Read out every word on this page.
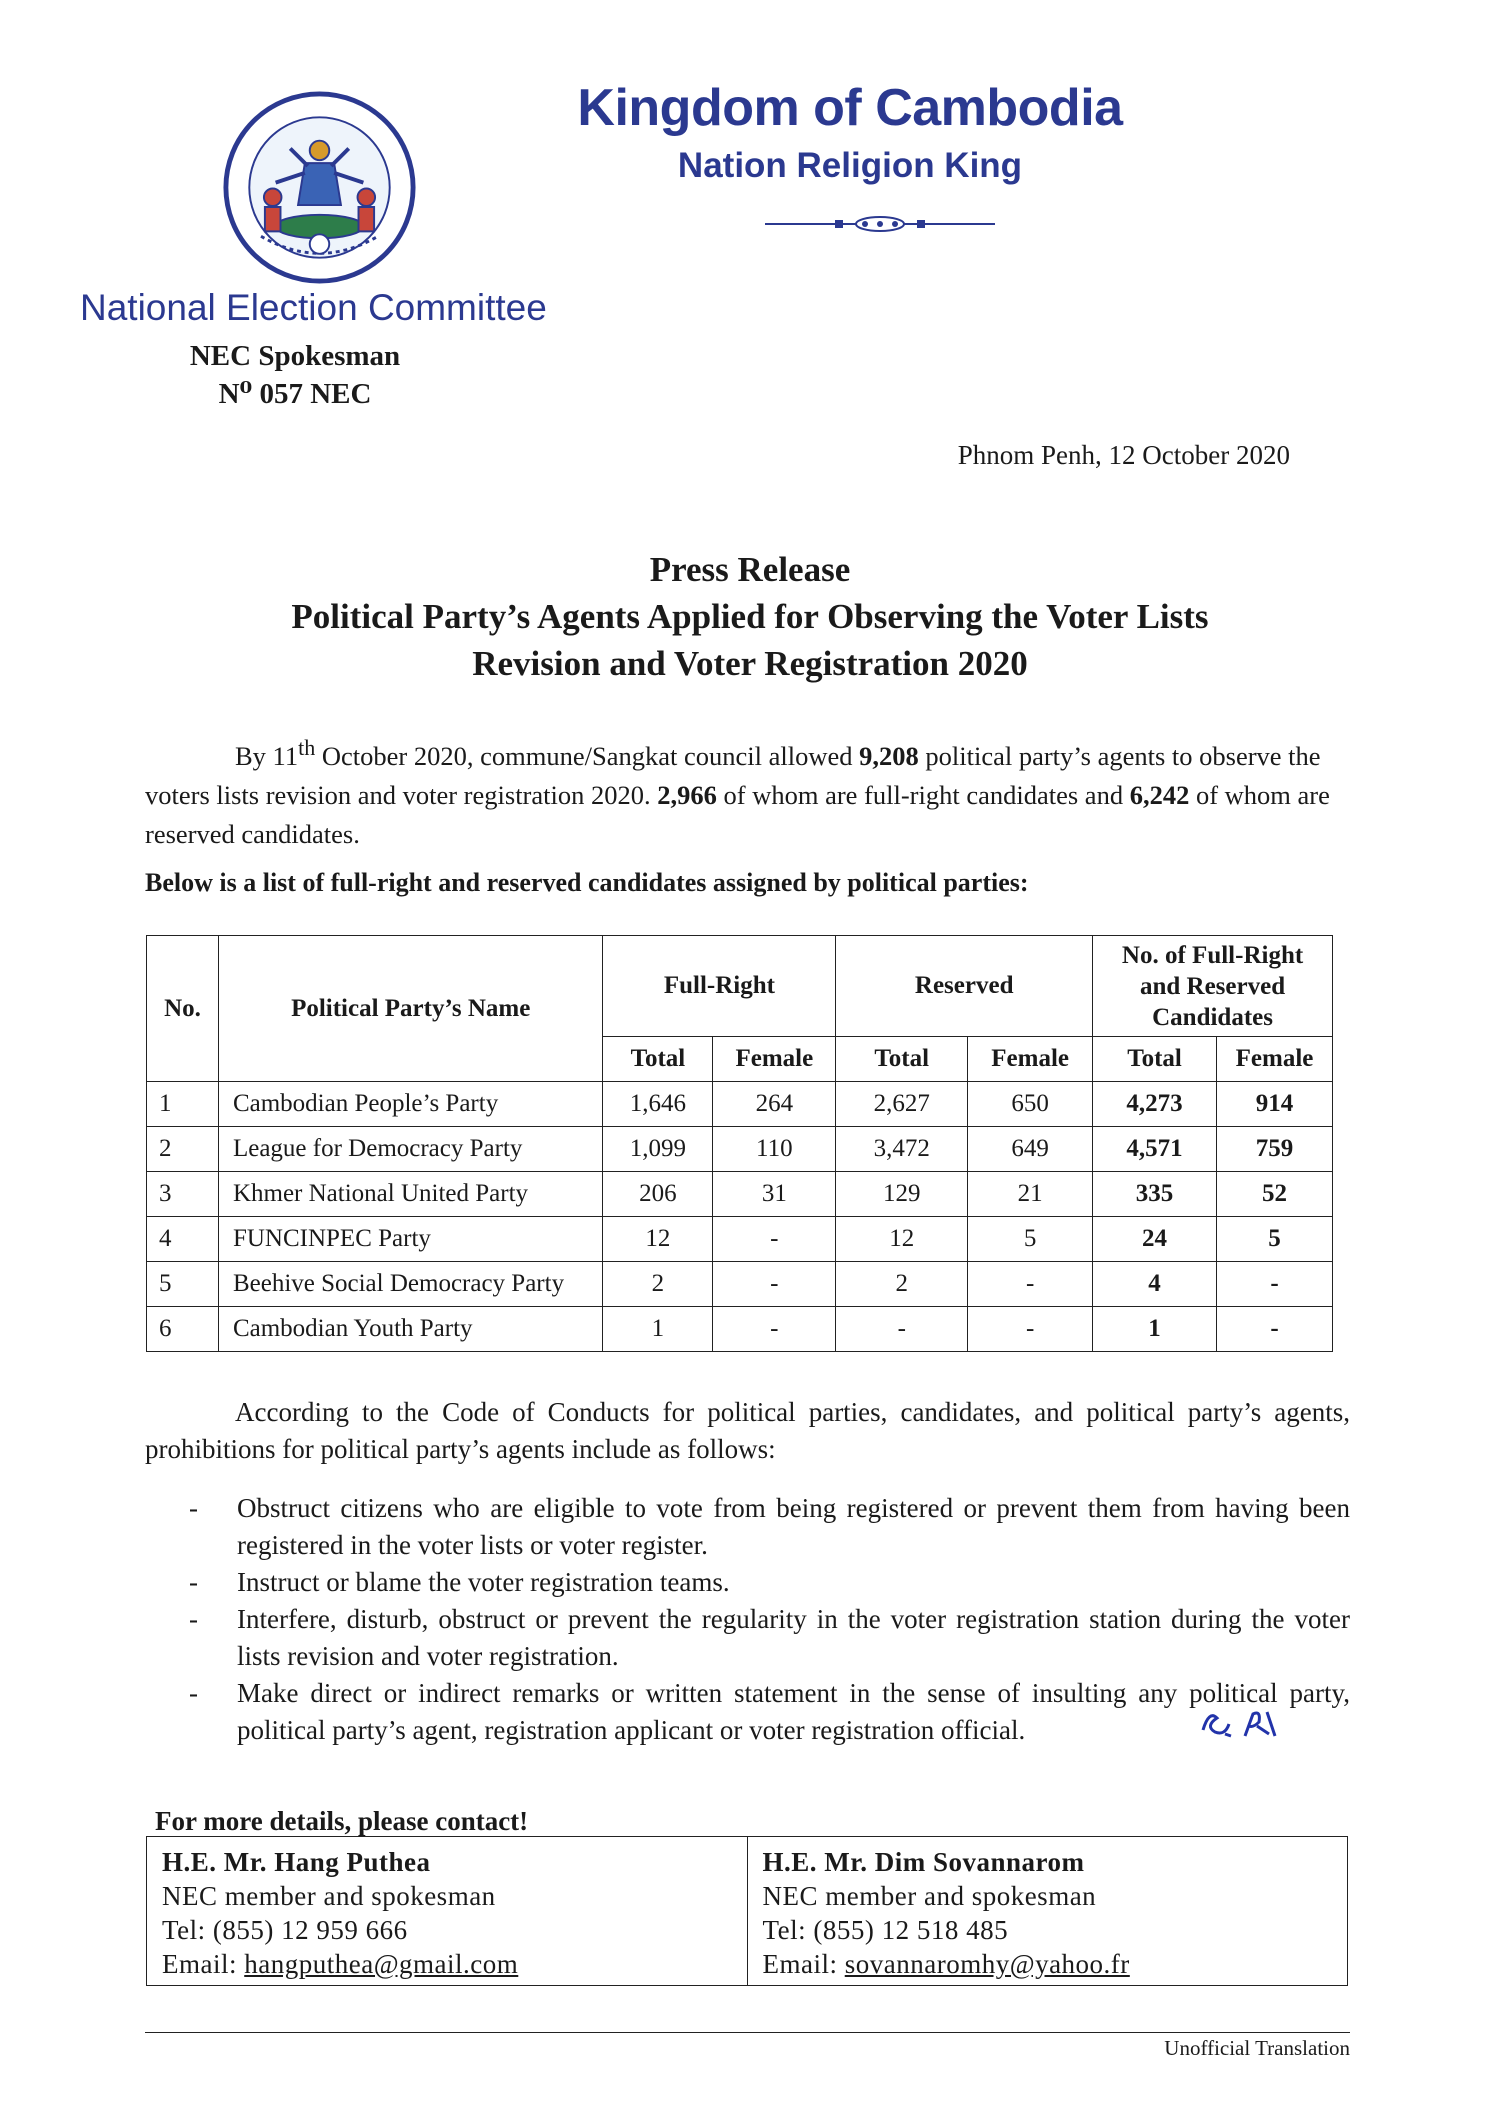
Kingdom of Cambodia
Nation Religion King
National Election Committee
NEC Spokesman
N⁰ 057 NEC
Phnom Penh, 12 October 2020
Press Release
Political Party’s Agents Applied for Observing the Voter Lists
Revision and Voter Registration 2020
By 11th October 2020, commune/Sangkat council allowed 9,208 political party’s agents to observe the voters lists revision and voter registration 2020. 2,966 of whom are full-right candidates and 6,242 of whom are reserved candidates.
Below is a list of full-right and reserved candidates assigned by political parties:
No.	Political Party’s Name	Full-Right		Reserved		No. of Full-Right and Reserved Candidates	
		Total	Female	Total	Female	Total	Female
1	Cambodian People’s Party	1,646	264	2,627	650	4,273	914
2	League for Democracy Party	1,099	110	3,472	649	4,571	759
3	Khmer National United Party	206	31	129	21	335	52
4	FUNCINPEC Party	12	-	12	5	24	5
5	Beehive Social Democracy Party	2	-	2	-	4	-
6	Cambodian Youth Party	1	-	-	-	1	-
According to the Code of Conducts for political parties, candidates, and political party’s agents, prohibitions for political party’s agents include as follows:
- Obstruct citizens who are eligible to vote from being registered or prevent them from having been registered in the voter lists or voter register.
- Instruct or blame the voter registration teams.
- Interfere, disturb, obstruct or prevent the regularity in the voter registration station during the voter lists revision and voter registration.
- Make direct or indirect remarks or written statement in the sense of insulting any political party, political party’s agent, registration applicant or voter registration official.
For more details, please contact!
H.E. Mr. Hang Puthea
NEC member and spokesman
Tel: (855) 12 959 666
Email: hangputhea@gmail.com

H.E. Mr. Dim Sovannarom
NEC member and spokesman
Tel: (855) 12 518 485
Email: sovannaromhy@yahoo.fr
Unofficial Translation
